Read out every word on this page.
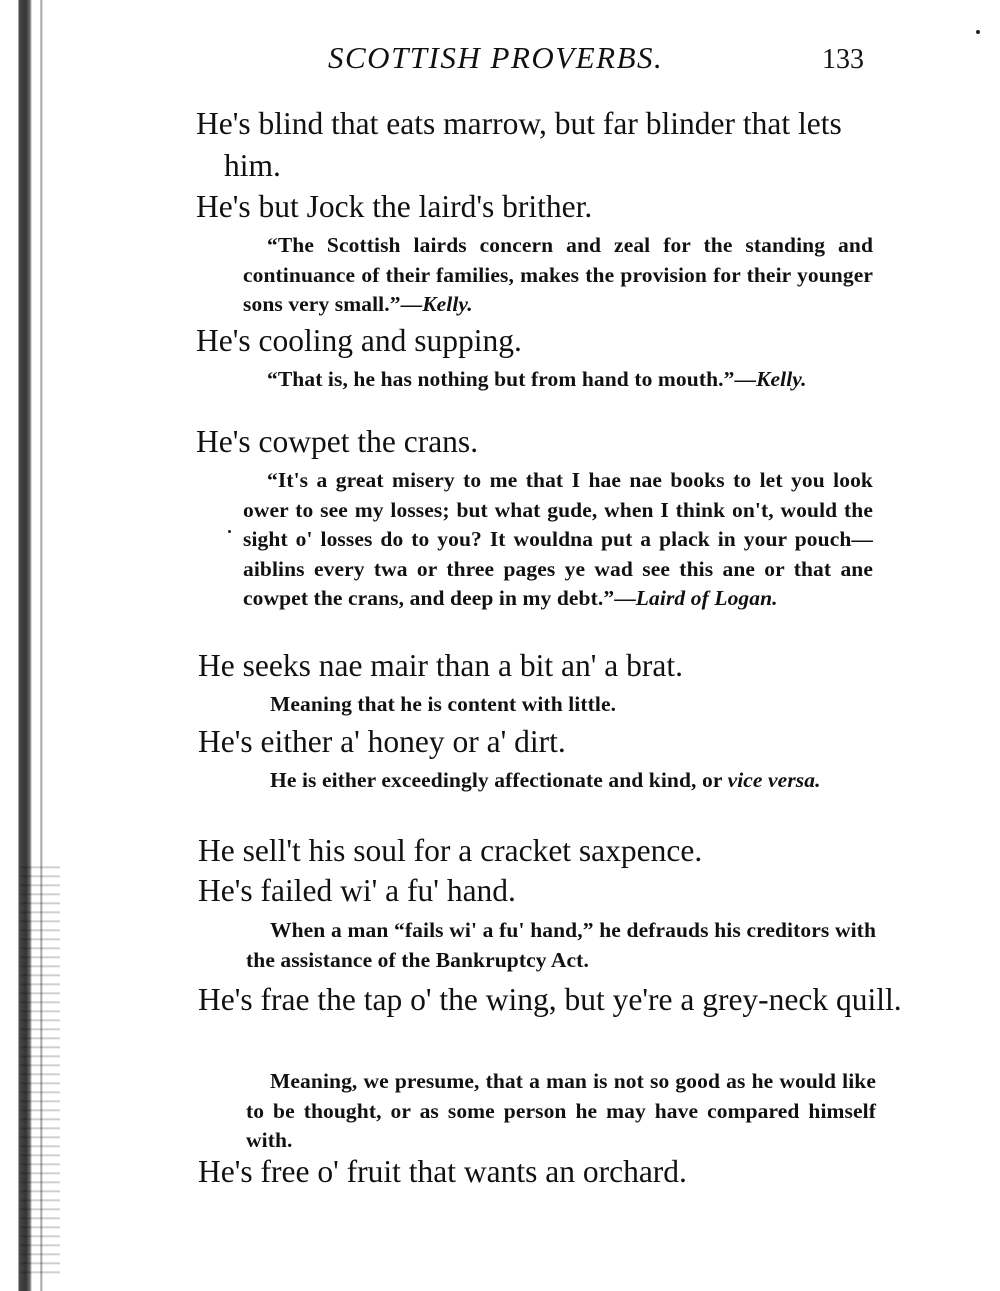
SCOTTISH PROVERBS.	133
He's blind that eats marrow, but far blinder that lets him.
He's but Jock the laird's brither.
“The Scottish lairds concern and zeal for the standing and continuance of their families, makes the provision for their younger sons very small.”—Kelly.
He's cooling and supping.
“That is, he has nothing but from hand to mouth.”—Kelly.
He's cowpet the crans.
“It's a great misery to me that I hae nae books to let you look ower to see my losses; but what gude, when I think on't, would the sight o' losses do to you? It wouldna put a plack in your pouch—aiblins every twa or three pages ye wad see this ane or that ane cowpet the crans, and deep in my debt.”—Laird of Logan.
He seeks nae mair than a bit an' a brat.
Meaning that he is content with little.
He's either a' honey or a' dirt.
He is either exceedingly affectionate and kind, or vice versa.
He sell't his soul for a cracket saxpence.
He's failed wi' a fu' hand.
When a man “fails wi' a fu' hand,” he defrauds his creditors with the assistance of the Bankruptcy Act.
He's frae the tap o' the wing, but ye're a grey-neck quill.
Meaning, we presume, that a man is not so good as he would like to be thought, or as some person he may have compared himself with.
He's free o' fruit that wants an orchard.
